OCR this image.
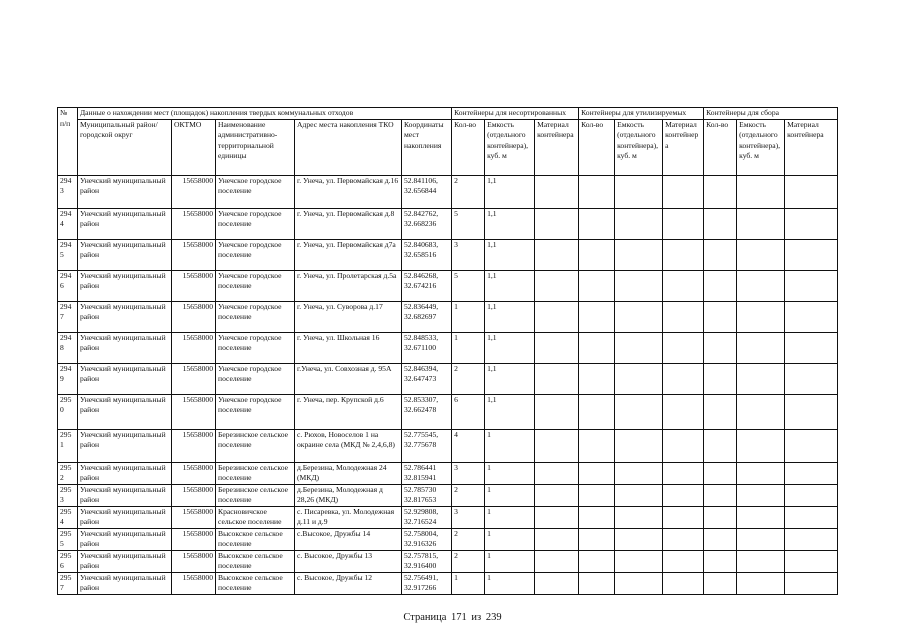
№ п/п	Данные о нахождении мест (площадок) накопления твердых коммунальных отходов					Контейнеры для несортированных			Контейнеры для утилизируемых			Контейнеры для сбора		
	Муниципальный район/городской округ	ОКТМО	Наименование административно-территориальной единицы	Адрес места накопления ТКО	Координаты мест накопления	Кол-во	Емкость (отдельного контейнера), куб. м	Материал контейнера	Кол-во	Емкость (отдельного контейнера), куб. м	Материал контейнер а	Кол-во	Емкость (отдельного контейнера), куб. м	Материал контейнера
2943	Унечский муниципальный район	15658000	Унечское городское поселение	г. Унеча, ул. Первомайская д.16	52.841106, 32.656844	2	1,1							
2944	Унечский муниципальный район	15658000	Унечское городское поселение	г. Унеча, ул. Первомайская д.8	52.842762, 32.668236	5	1,1							
2945	Унечский муниципальный район	15658000	Унечское городское поселение	г. Унеча, ул. Первомайская д7а	52.840683, 32.658516	3	1,1							
2946	Унечский муниципальный район	15658000	Унечское городское поселение	г. Унеча, ул. Пролетарская д.5а	52.846268, 32.674216	5	1,1							
2947	Унечский муниципальный район	15658000	Унечское городское поселение	г. Унеча, ул. Суворова д.17	52.836449, 32.682697	1	1,1							
2948	Унечский муниципальный район	15658000	Унечское городское поселение	г. Унеча, ул. Школьная 16	52.848533, 32.671100	1	1,1							
2949	Унечский муниципальный район	15658000	Унечское городское поселение	г.Унеча, ул. Совхозная д. 95А	52.846394, 32.647473	2	1,1							
2950	Унечский муниципальный район	15658000	Унечское городское поселение	г. Унеча, пер. Крупской д.6	52.853307, 32.662478	6	1,1							
2951	Унечский муниципальный район	15658000	Березинское сельское поселение	с. Рюхов, Новоселов 1 на окраине села (МКД № 2,4,6,8)	52.775545, 32.775678	4	1							
2952	Унечский муниципальный район	15658000	Березинское сельское поселение	д.Березина, Молодежная 24 (МКД)	52.786441 32.815941	3	1							
2953	Унечский муниципальный район	15658000	Березинское сельское поселение	д.Березина, Молодежная д 28,26 (МКД)	52.785730 32.817653	2	1							
2954	Унечский муниципальный район	15658000	Красновичское сельское поселение	с. Писаревка, ул. Молодежная д.11 и д.9	52.929808, 32.716524	3	1							
2955	Унечский муниципальный район	15658000	Высокское сельское поселение	с.Высокое, Дружбы 14	52.758004, 32.916326	2	1							
2956	Унечский муниципальный район	15658000	Высокское сельское поселение	с. Высокое, Дружбы 13	52.757815, 32.916400	2	1							
2957	Унечский муниципальный район	15658000	Высокское сельское поселение	с. Высокое, Дружбы 12	52.756491, 32.917266	1	1							
Страница 171 из 239
